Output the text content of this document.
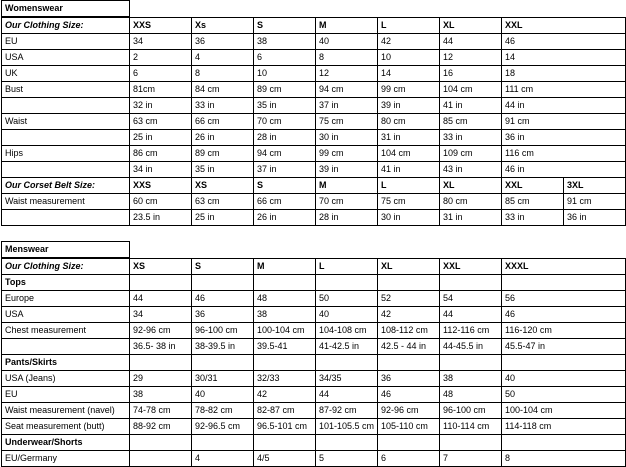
Womenswear	
Our Clothing Size:	XXS	Xs	S	M	L	XL	XXL	
EU	34	36	38	40	42	44	46	
USA	2	4	6	8	10	12	14	
UK	6	8	10	12	14	16	18	
Bust	81cm	84 cm	89 cm	94 cm	99 cm	104 cm	111 cm	
	32 in	33 in	35 in	37 in	39 in	41 in	44 in	
Waist	63 cm	66 cm	70 cm	75 cm	80 cm	85 cm	91 cm	
	25 in	26 in	28 in	30 in	31 in	33 in	36 in	
Hips	86 cm	89 cm	94 cm	99 cm	104 cm	109 cm	116 cm	
	34 in	35 in	37 in	39 in	41 in	43 in	46 in	
Our Corset Belt Size:	XXS	XS	S	M	L	XL	XXL	3XL
Waist measurement	60 cm	63 cm	66 cm	70 cm	75 cm	80 cm	85 cm	91 cm
	23.5 in	25 in	26 in	28 in	30 in	31 in	33 in	36 in

Menswear	
Our Clothing Size:	XS	S	M	L	XL	XXL	XXXL
Tops							
Europe	44	46	48	50	52	54	56
USA	34	36	38	40	42	44	46
Chest measurement	92-96 cm	96-100 cm	100-104 cm	104-108 cm	108-112 cm	112-116 cm	116-120 cm
	36.5- 38 in	38-39.5 in	39.5-41	41-42.5 in	42.5 - 44 in	44-45.5 in	45.5-47 in
Pants/Skirts							
USA (Jeans)	29	30/31	32/33	34/35	36	38	40
EU	38	40	42	44	46	48	50
Waist measurement (navel)	74-78 cm	78-82 cm	82-87 cm	87-92 cm	92-96 cm	96-100 cm	100-104 cm
Seat measurement (butt)	88-92 cm	92-96.5 cm	96.5-101 cm	101-105.5 cm	105-110 cm	110-114 cm	114-118 cm
Underwear/Shorts							
EU/Germany		4	4/5	5	6	7	8
